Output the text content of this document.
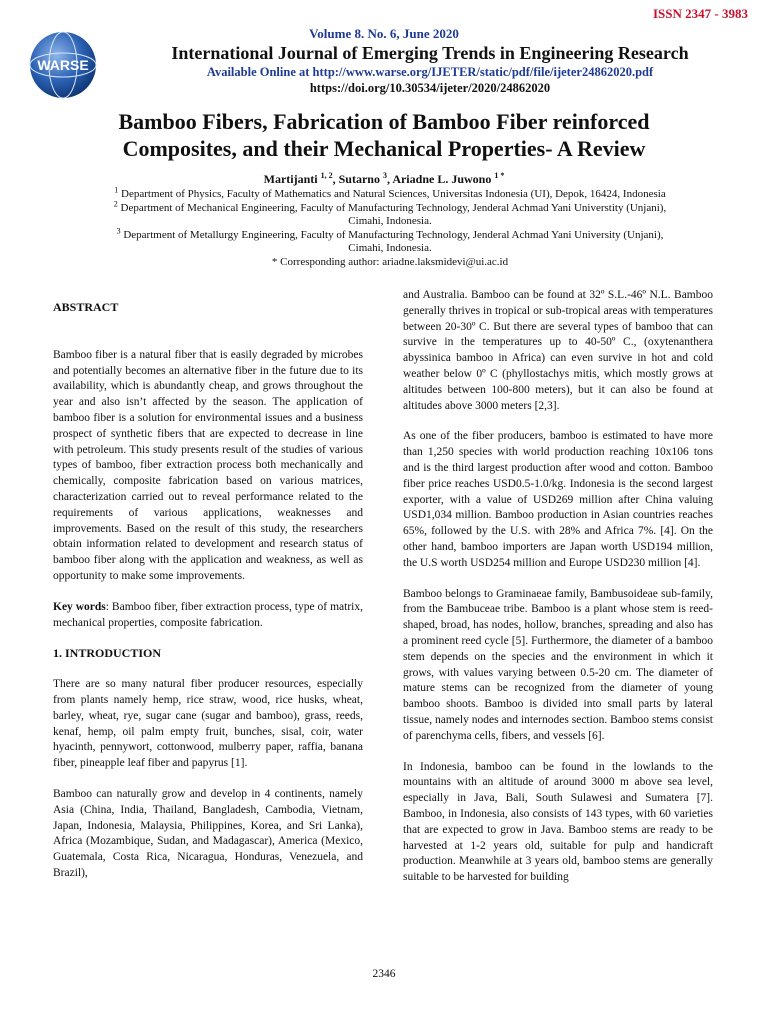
ISSN 2347 - 3983
WARSE
Volume 8. No. 6, June 2020
International Journal of Emerging Trends in Engineering Research
Available Online at http://www.warse.org/IJETER/static/pdf/file/ijeter24862020.pdf
https://doi.org/10.30534/ijeter/2020/24862020
Bamboo Fibers, Fabrication of Bamboo Fiber reinforced
Composites, and their Mechanical Properties- A Review
Martijanti $^{1, 2}$, Sutarno $^3$, Ariadne L. Juwono $^{1 *}$
$^1$ Department of Physics, Faculty of Mathematics and Natural Sciences, Universitas Indonesia (UI), Depok, 16424, Indonesia
$^2$ Department of Mechanical Engineering, Faculty of Manufacturing Technology, Jenderal Achmad Yani Universtity (Unjani),
Cimahi, Indonesia.
$^3$ Department of Metallurgy Engineering, Faculty of Manufacturing Technology, Jenderal Achmad Yani University (Unjani),
Cimahi, Indonesia.
* Corresponding author: ariadne.laksmidevi@ui.ac.id
ABSTRACT

Bamboo fiber is a natural fiber that is easily degraded by microbes and potentially becomes an alternative fiber in the future due to its availability, which is abundantly cheap, and grows throughout the year and also isn’t affected by the season. The application of bamboo fiber is a solution for environmental issues and a business prospect of synthetic fibers that are expected to decrease in line with petroleum. This study presents result of the studies of various types of bamboo, fiber extraction process both mechanically and chemically, composite fabrication based on various matrices, characterization carried out to reveal performance related to the requirements of various applications, weaknesses and improvements. Based on the result of this study, the researchers obtain information related to development and research status of bamboo fiber along with the application and weakness, as well as opportunity to make some improvements.

Key words: Bamboo fiber, fiber extraction process, type of matrix, mechanical properties, composite fabrication.

1. INTRODUCTION

There are so many natural fiber producer resources, especially from plants namely hemp, rice straw, wood, rice husks, wheat, barley, wheat, rye, sugar cane (sugar and bamboo), grass, reeds, kenaf, hemp, oil palm empty fruit, bunches, sisal, coir, water hyacinth, pennywort, cottonwood, mulberry paper, raffia, banana fiber, pineapple leaf fiber and papyrus [1].

Bamboo can naturally grow and develop in 4 continents, namely Asia (China, India, Thailand, Bangladesh, Cambodia, Vietnam, Japan, Indonesia, Malaysia, Philippines, Korea, and Sri Lanka), Africa (Mozambique, Sudan, and Madagascar), America (Mexico, Guatemala, Costa Rica, Nicaragua, Honduras, Venezuela, and Brazil),

and Australia. Bamboo can be found at 32º S.L.-46º N.L. Bamboo generally thrives in tropical or sub-tropical areas with temperatures between 20-30º C. But there are several types of bamboo that can survive in the temperatures up to 40-50º C., (oxytenanthera abyssinica bamboo in Africa) can even survive in hot and cold weather below 0º C (phyllostachys mitis, which mostly grows at altitudes between 100-800 meters), but it can also be found at altitudes above 3000 meters [2,3].

As one of the fiber producers, bamboo is estimated to have more than 1,250 species with world production reaching 10x106 tons and is the third largest production after wood and cotton. Bamboo fiber price reaches USD0.5-1.0/kg. Indonesia is the second largest exporter, with a value of USD269 million after China valuing USD1,034 million. Bamboo production in Asian countries reaches 65%, followed by the U.S. with 28% and Africa 7%. [4]. On the other hand, bamboo importers are Japan worth USD194 million, the U.S worth USD254 million and Europe USD230 million [4].

Bamboo belongs to Graminaeae family, Bambusoideae sub-family, from the Bambuceae tribe. Bamboo is a plant whose stem is reed-shaped, broad, has nodes, hollow, branches, spreading and also has a prominent reed cycle [5]. Furthermore, the diameter of a bamboo stem depends on the species and the environment in which it grows, with values varying between 0.5-20 cm. The diameter of mature stems can be recognized from the diameter of young bamboo shoots. Bamboo is divided into small parts by lateral tissue, namely nodes and internodes section. Bamboo stems consist of parenchyma cells, fibers, and vessels [6].

In Indonesia, bamboo can be found in the lowlands to the mountains with an altitude of around 3000 m above sea level, especially in Java, Bali, South Sulawesi and Sumatera [7]. Bamboo, in Indonesia, also consists of 143 types, with 60 varieties that are expected to grow in Java. Bamboo stems are ready to be harvested at 1-2 years old, suitable for pulp and handicraft production. Meanwhile at 3 years old, bamboo stems are generally suitable to be harvested for building

2346
